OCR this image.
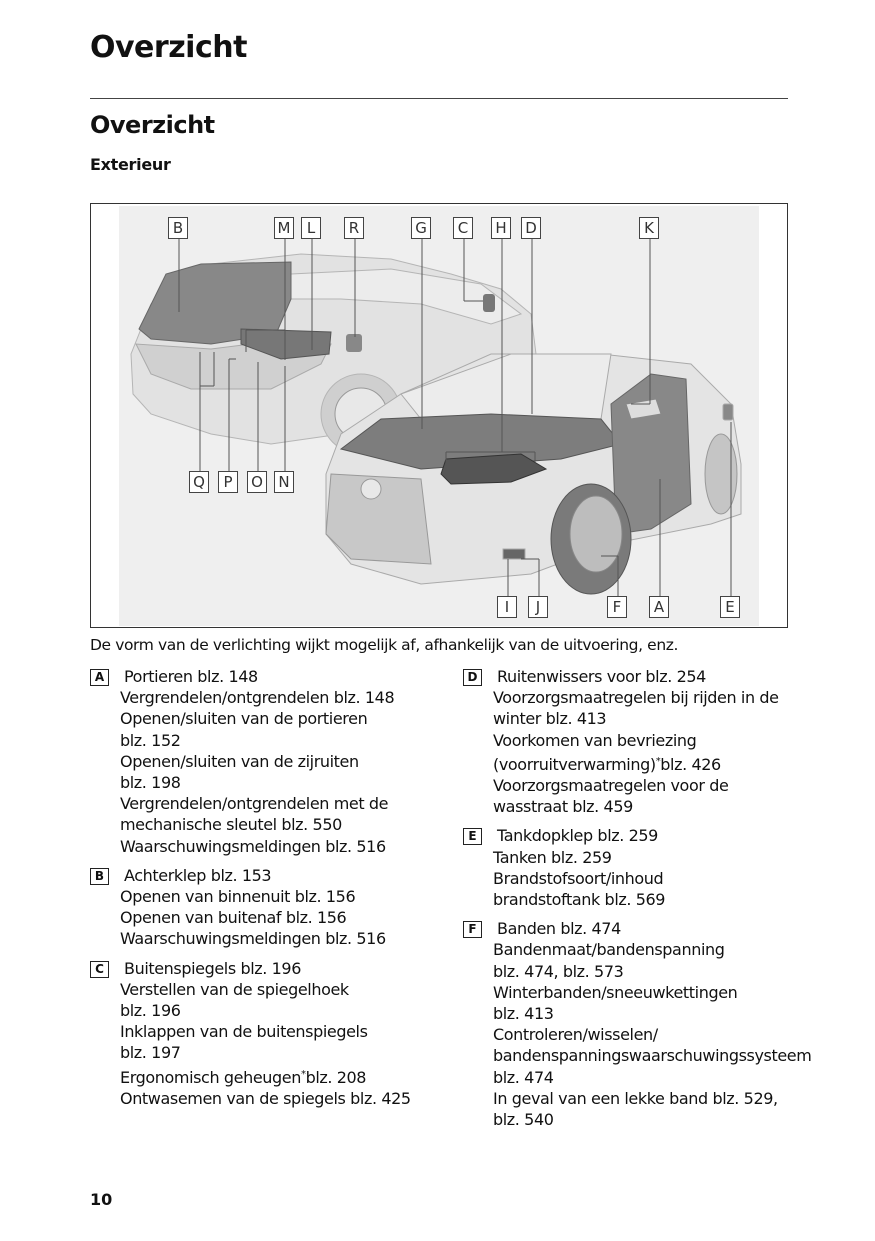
Overzicht
Overzicht
Exterieur
B	M	L	R	G	C	H D	K
Q	P	O N
I	J	F	A	E
De vorm van de verlichting wijkt mogelijk af, afhankelijk van de uitvoering, enz.
A	Portieren blz. 148
Vergrendelen/ontgrendelen blz. 148
Openen/sluiten van de portieren
blz. 152
Openen/sluiten van de zijruiten
blz. 198
Vergrendelen/ontgrendelen met de
mechanische sleutel blz. 550
Waarschuwingsmeldingen blz. 516
B	Achterklep blz. 153
Openen van binnenuit blz. 156
Openen van buitenaf blz. 156
Waarschuwingsmeldingen blz. 516
C	Buitenspiegels blz. 196
Verstellen van de spiegelhoek
blz. 196
Inklappen van de buitenspiegels
blz. 197
Ergonomisch geheugen*blz. 208
Ontwasemen van de spiegels blz. 425
D Ruitenwissers voor blz. 254
Voorzorgsmaatregelen bij rijden in de
winter blz. 413
Voorkomen van bevriezing
(voorruitverwarming)*blz. 426
Voorzorgsmaatregelen voor de
wasstraat blz. 459
E	Tankdopklep blz. 259
Tanken blz. 259
Brandstofsoort/inhoud
brandstoftank blz. 569
F	Banden blz. 474
Bandenmaat/bandenspanning
blz. 474, blz. 573
Winterbanden/sneeuwkettingen
blz. 413
Controleren/wisselen/
bandenspanningswaarschuwingssysteem
blz. 474
In geval van een lekke band blz. 529,
blz. 540
10
